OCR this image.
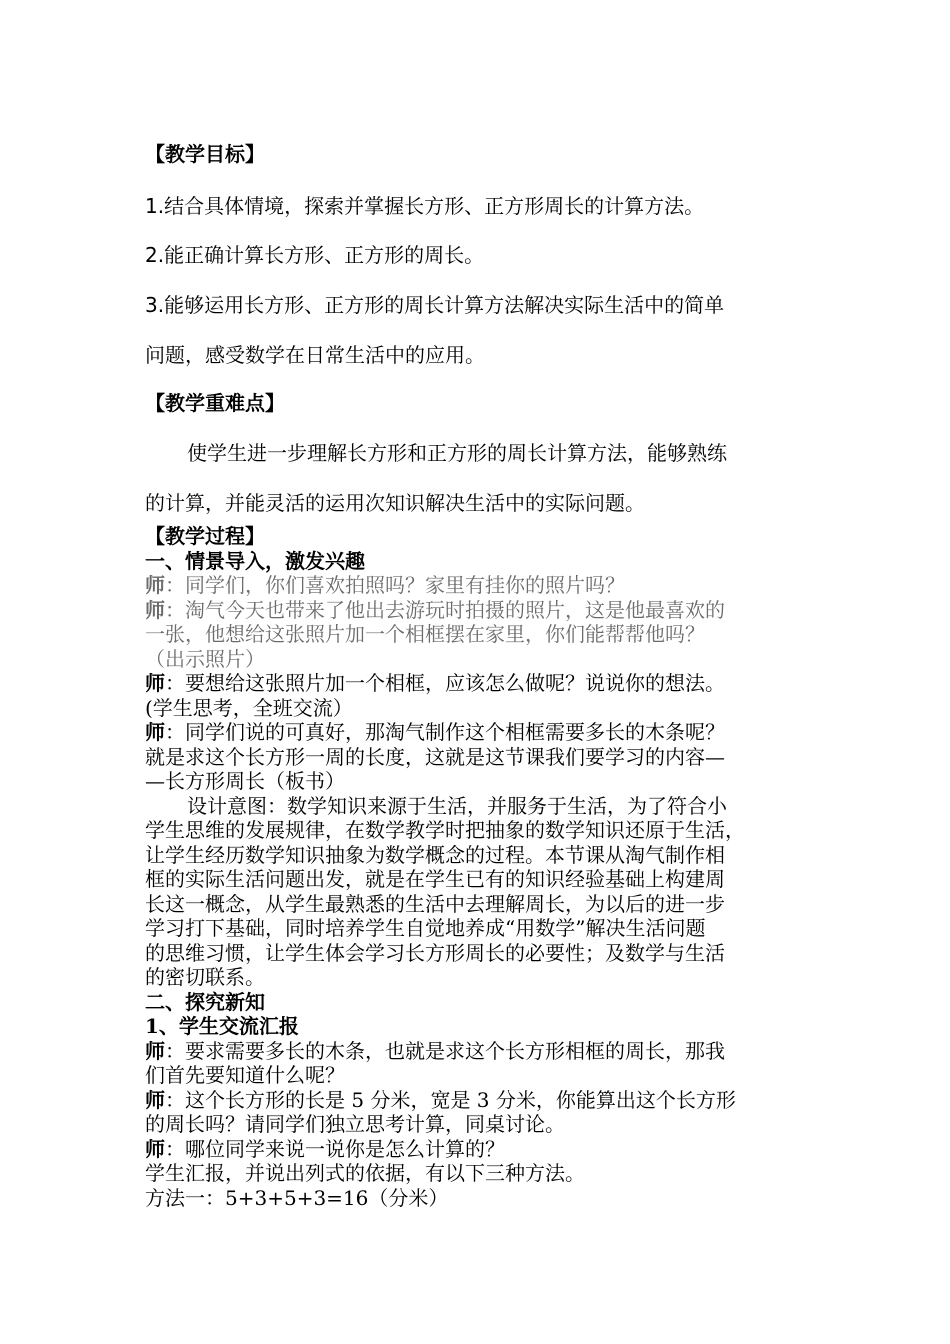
【教学目标】
1.结合具体情境，探索并掌握长方形、正方形周长的计算方法。
2.能正确计算长方形、正方形的周长。
3.能够运用长方形、正方形的周长计算方法解决实际生活中的简单
问题，感受数学在日常生活中的应用。
【教学重难点】
使学生进一步理解长方形和正方形的周长计算方法，能够熟练
的计算，并能灵活的运用次知识解决生活中的实际问题。
【教学过程】
一、情景导入，激发兴趣
师：同学们，你们喜欢拍照吗？家里有挂你的照片吗？
师：淘气今天也带来了他出去游玩时拍摄的照片，这是他最喜欢的
一张，他想给这张照片加一个相框摆在家里，你们能帮帮他吗？
（出示照片）
师：要想给这张照片加一个相框，应该怎么做呢？说说你的想法。
(学生思考，全班交流）
师：同学们说的可真好，那淘气制作这个相框需要多长的木条呢？
就是求这个长方形一周的长度，这就是这节课我们要学习的内容—
—长方形周长（板书）
设计意图：数学知识来源于生活，并服务于生活，为了符合小
学生思维的发展规律，在数学教学时把抽象的数学知识还原于生活，
让学生经历数学知识抽象为数学概念的过程。本节课从淘气制作相
框的实际生活问题出发，就是在学生已有的知识经验基础上构建周
长这一概念，从学生最熟悉的生活中去理解周长，为以后的进一步
学习打下基础，同时培养学生自觉地养成“用数学”解决生活问题
的思维习惯，让学生体会学习长方形周长的必要性；及数学与生活
的密切联系。
二、探究新知
1、学生交流汇报
师：要求需要多长的木条，也就是求这个长方形相框的周长，那我
们首先要知道什么呢？
师：这个长方形的长是 5 分米，宽是 3 分米，你能算出这个长方形
的周长吗？请同学们独立思考计算，同桌讨论。
师：哪位同学来说一说你是怎么计算的？
学生汇报，并说出列式的依据，有以下三种方法。
方法一：5+3+5+3=16（分米）
